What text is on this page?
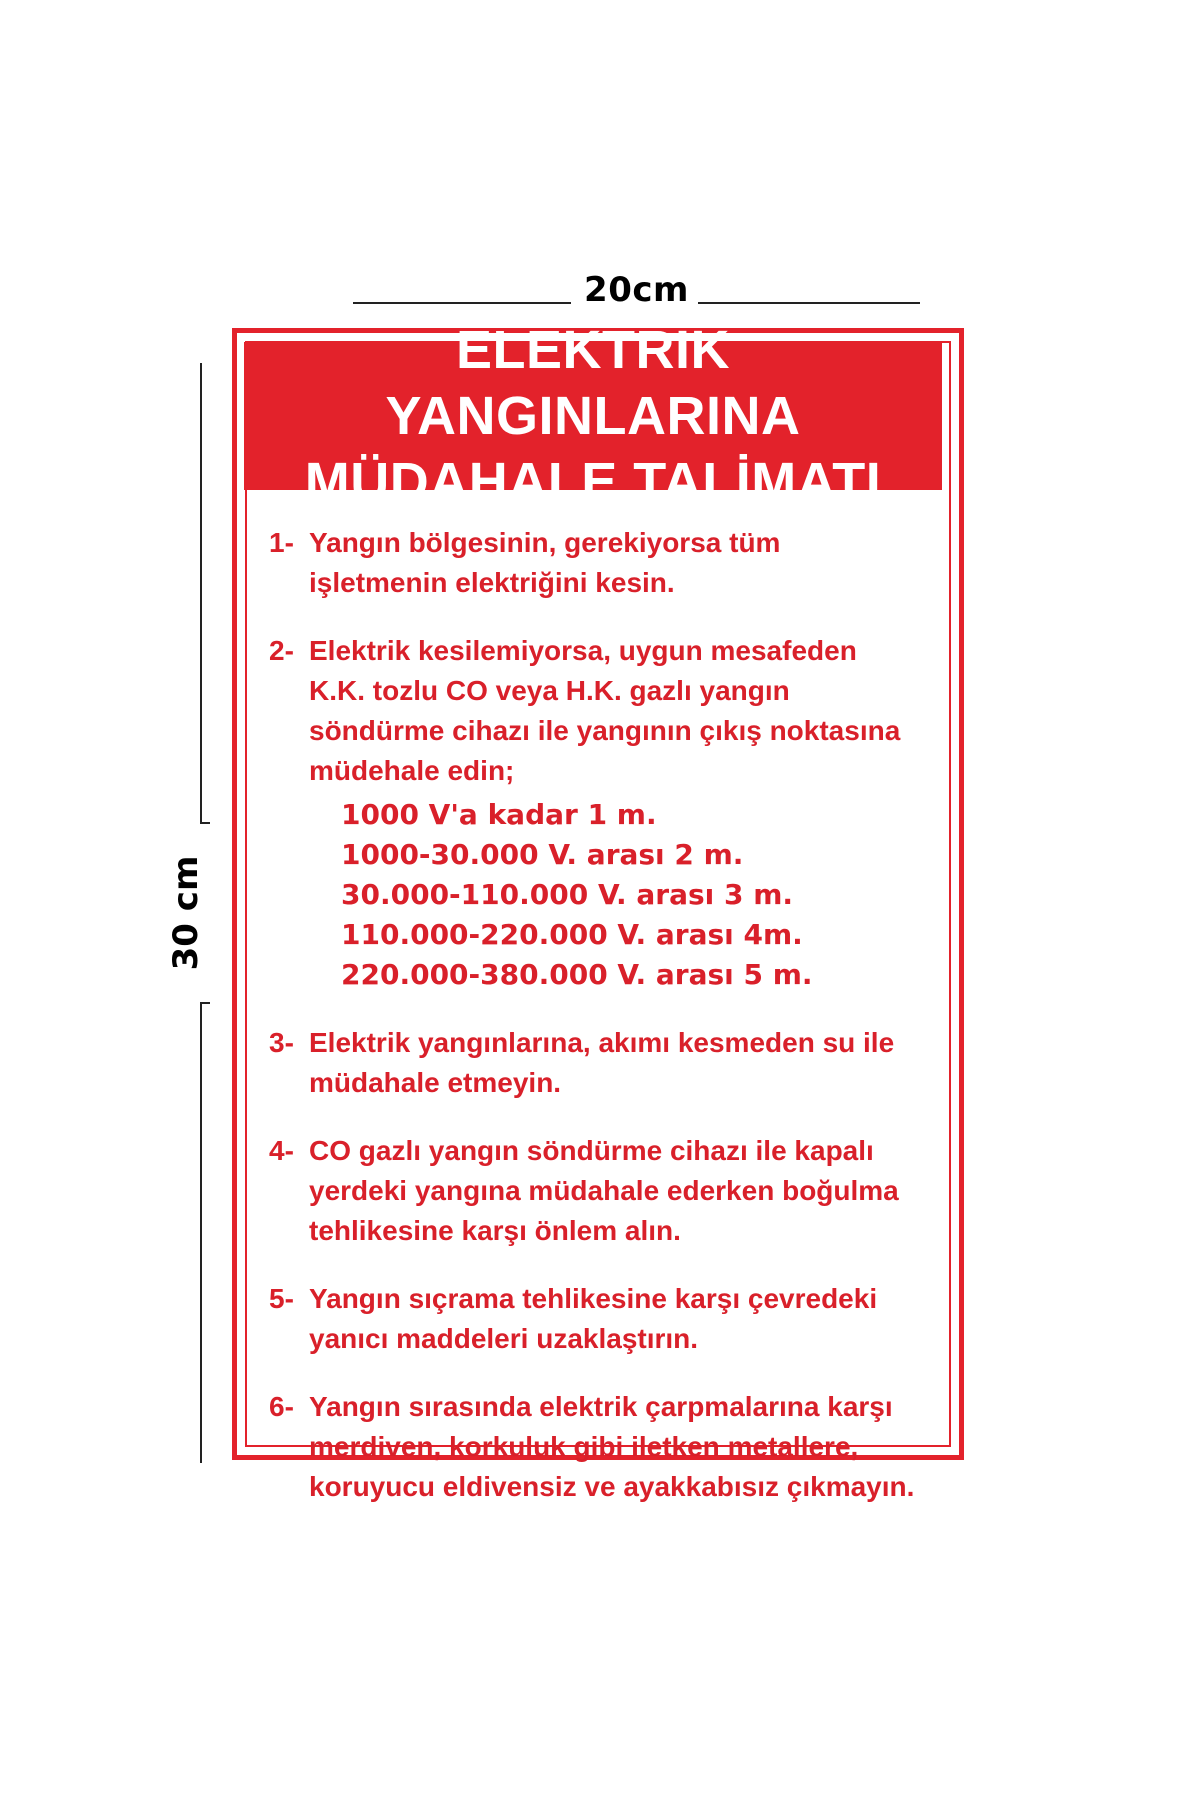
20cm
30 cm
ELEKTRİK YANGINLARINA
MÜDAHALE TALİMATI
1- Yangın bölgesinin, gerekiyorsa tüm işletmenin elektriğini kesin.
2- Elektrik kesilemiyorsa, uygun mesafeden K.K. tozlu CO veya H.K. gazlı yangın söndürme cihazı ile yangının çıkış noktasına müdehale edin;
1000 V'a kadar 1 m.
1000-30.000 V. arası 2 m.
30.000-110.000 V. arası 3 m.
110.000-220.000 V. arası 4m.
220.000-380.000 V. arası 5 m.
3- Elektrik yangınlarına, akımı kesmeden su ile müdahale etmeyin.
4- CO gazlı yangın söndürme cihazı ile kapalı yerdeki yangına müdahale ederken boğulma tehlikesine karşı önlem alın.
5- Yangın sıçrama tehlikesine karşı çevredeki yanıcı maddeleri uzaklaştırın.
6- Yangın sırasında elektrik çarpmalarına karşı merdiven, korkuluk gibi iletken metallere, koruyucu eldivensiz ve ayakkabısız çıkmayın.
